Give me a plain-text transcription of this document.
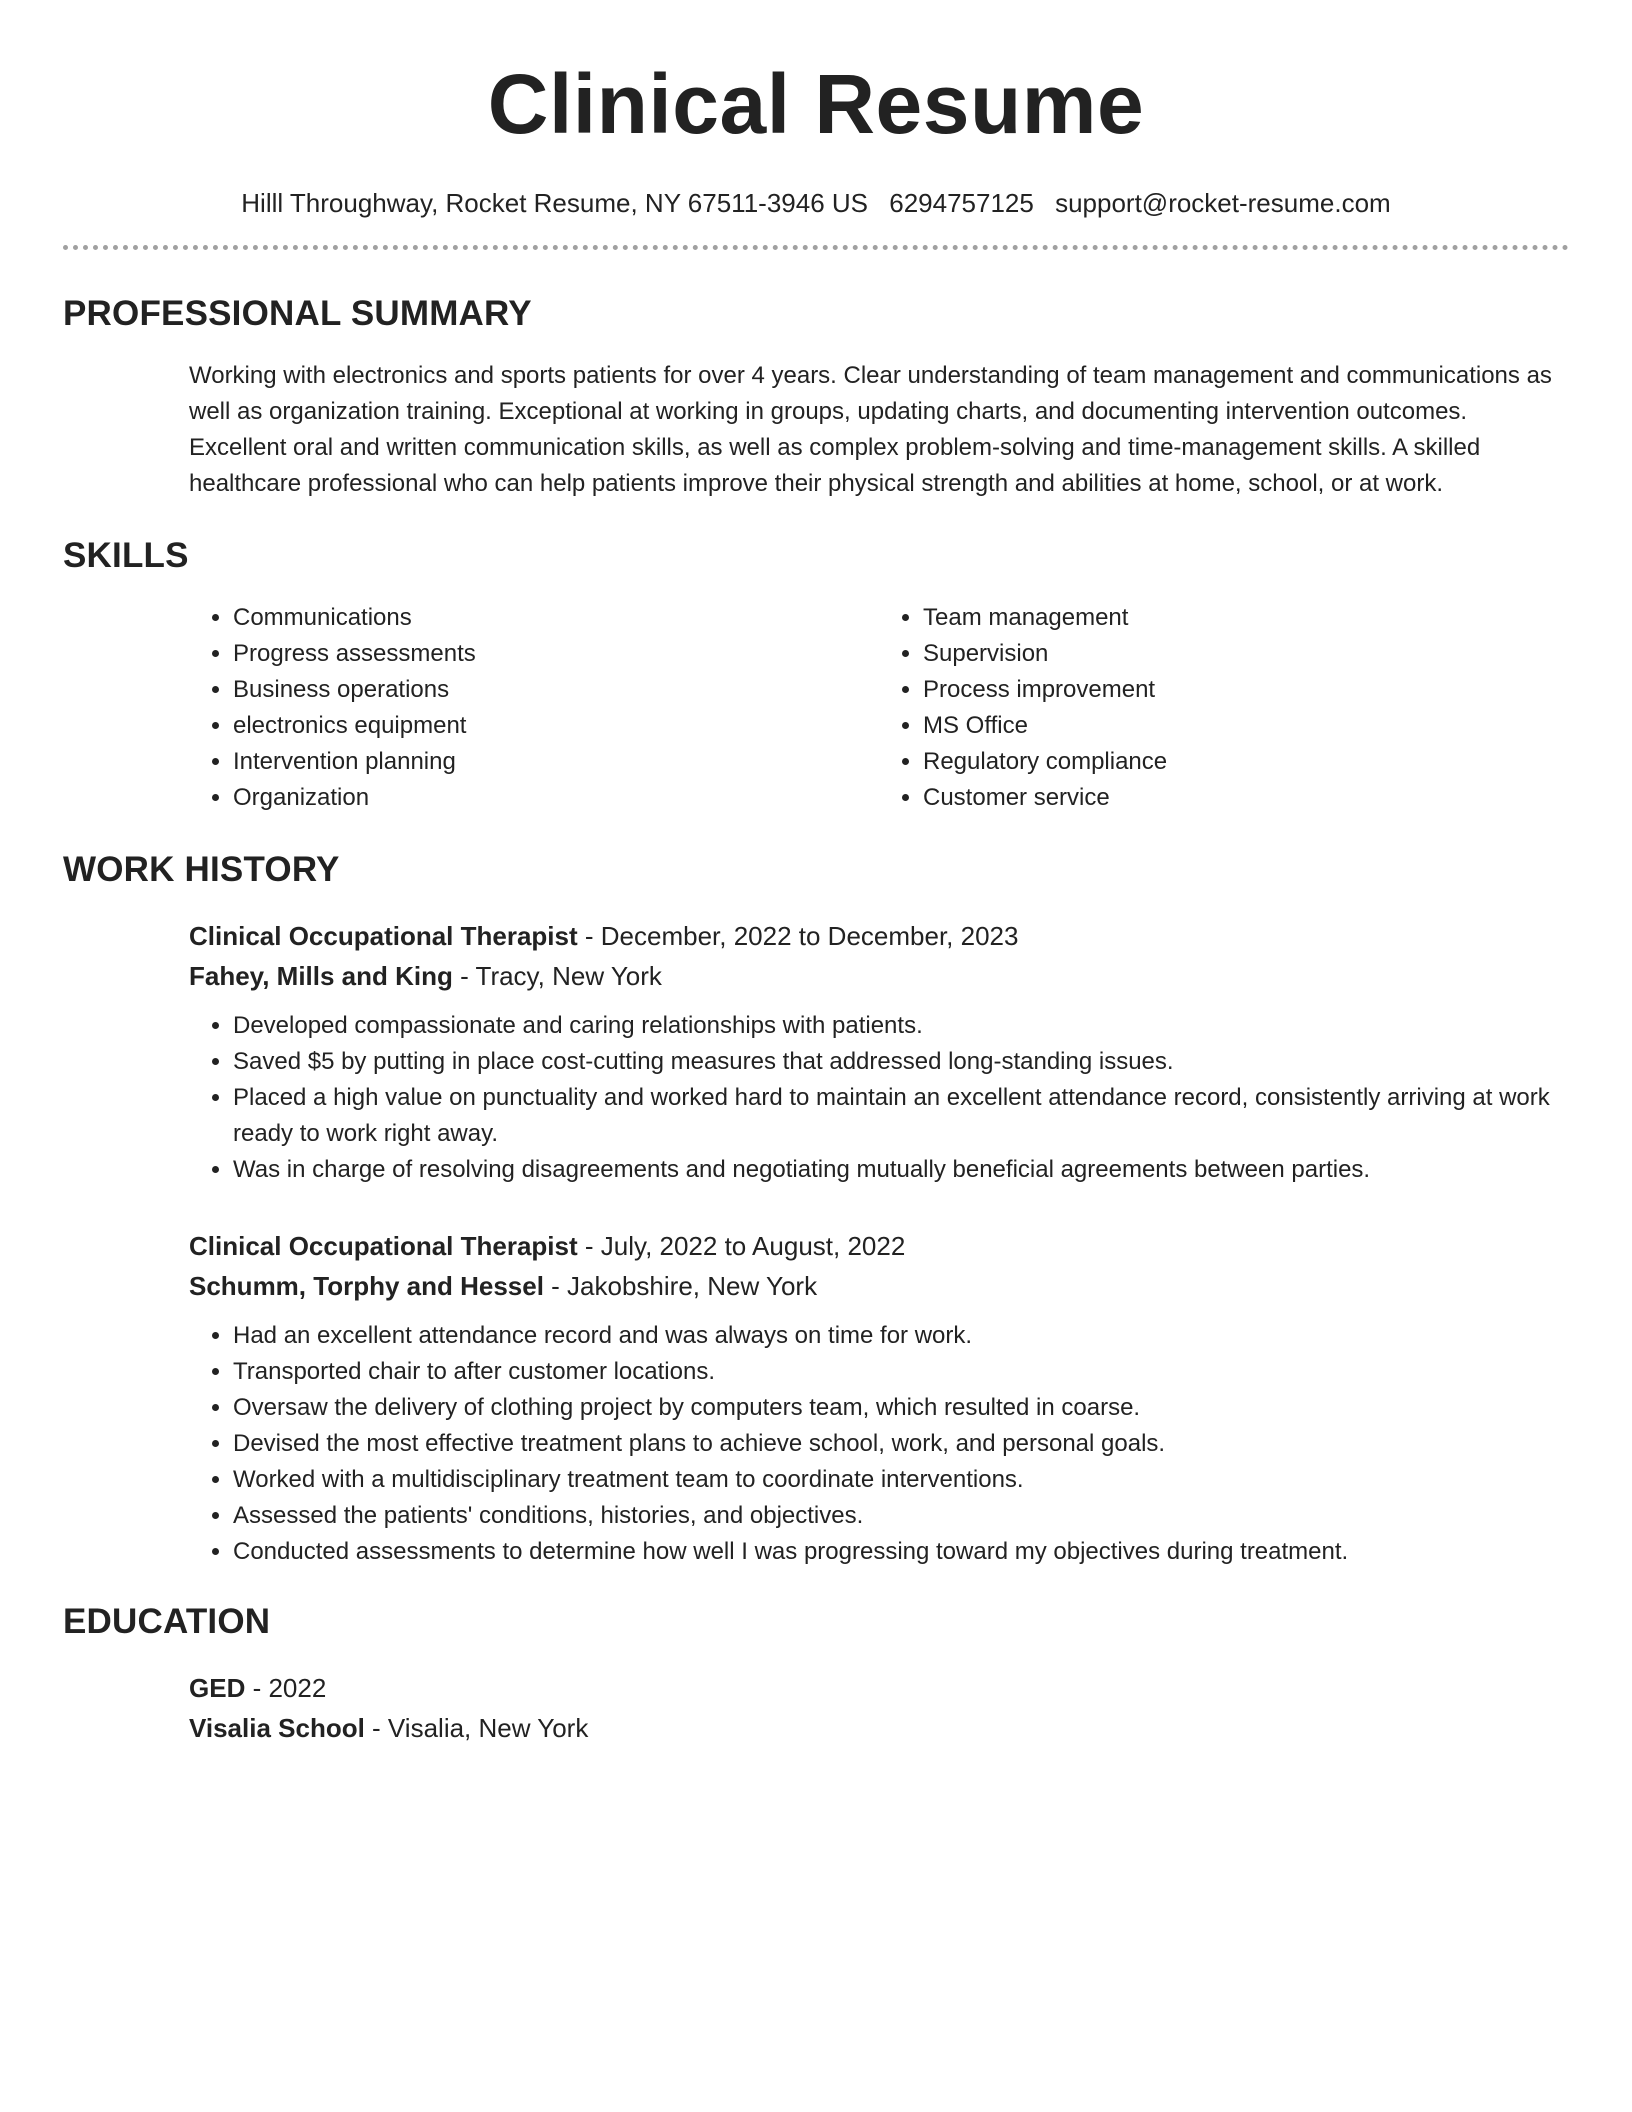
Clinical Resume
Hilll Throughway, Rocket Resume, NY 67511-3946 US 6294757125 support@rocket-resume.com
PROFESSIONAL SUMMARY
Working with electronics and sports patients for over 4 years. Clear understanding of team management and communications as well as organization training. Exceptional at working in groups, updating charts, and documenting intervention outcomes. Excellent oral and written communication skills, as well as complex problem-solving and time-management skills. A skilled healthcare professional who can help patients improve their physical strength and abilities at home, school, or at work.
SKILLS
• Communications
• Progress assessments
• Business operations
• electronics equipment
• Intervention planning
• Organization
• Team management
• Supervision
• Process improvement
• MS Office
• Regulatory compliance
• Customer service
WORK HISTORY
Clinical Occupational Therapist - December, 2022 to December, 2023
Fahey, Mills and King - Tracy, New York
• Developed compassionate and caring relationships with patients.
• Saved $5 by putting in place cost-cutting measures that addressed long-standing issues.
• Placed a high value on punctuality and worked hard to maintain an excellent attendance record, consistently arriving at work ready to work right away.
• Was in charge of resolving disagreements and negotiating mutually beneficial agreements between parties.
Clinical Occupational Therapist - July, 2022 to August, 2022
Schumm, Torphy and Hessel - Jakobshire, New York
• Had an excellent attendance record and was always on time for work.
• Transported chair to after customer locations.
• Oversaw the delivery of clothing project by computers team, which resulted in coarse.
• Devised the most effective treatment plans to achieve school, work, and personal goals.
• Worked with a multidisciplinary treatment team to coordinate interventions.
• Assessed the patients' conditions, histories, and objectives.
• Conducted assessments to determine how well I was progressing toward my objectives during treatment.
EDUCATION
GED - 2022
Visalia School - Visalia, New York
